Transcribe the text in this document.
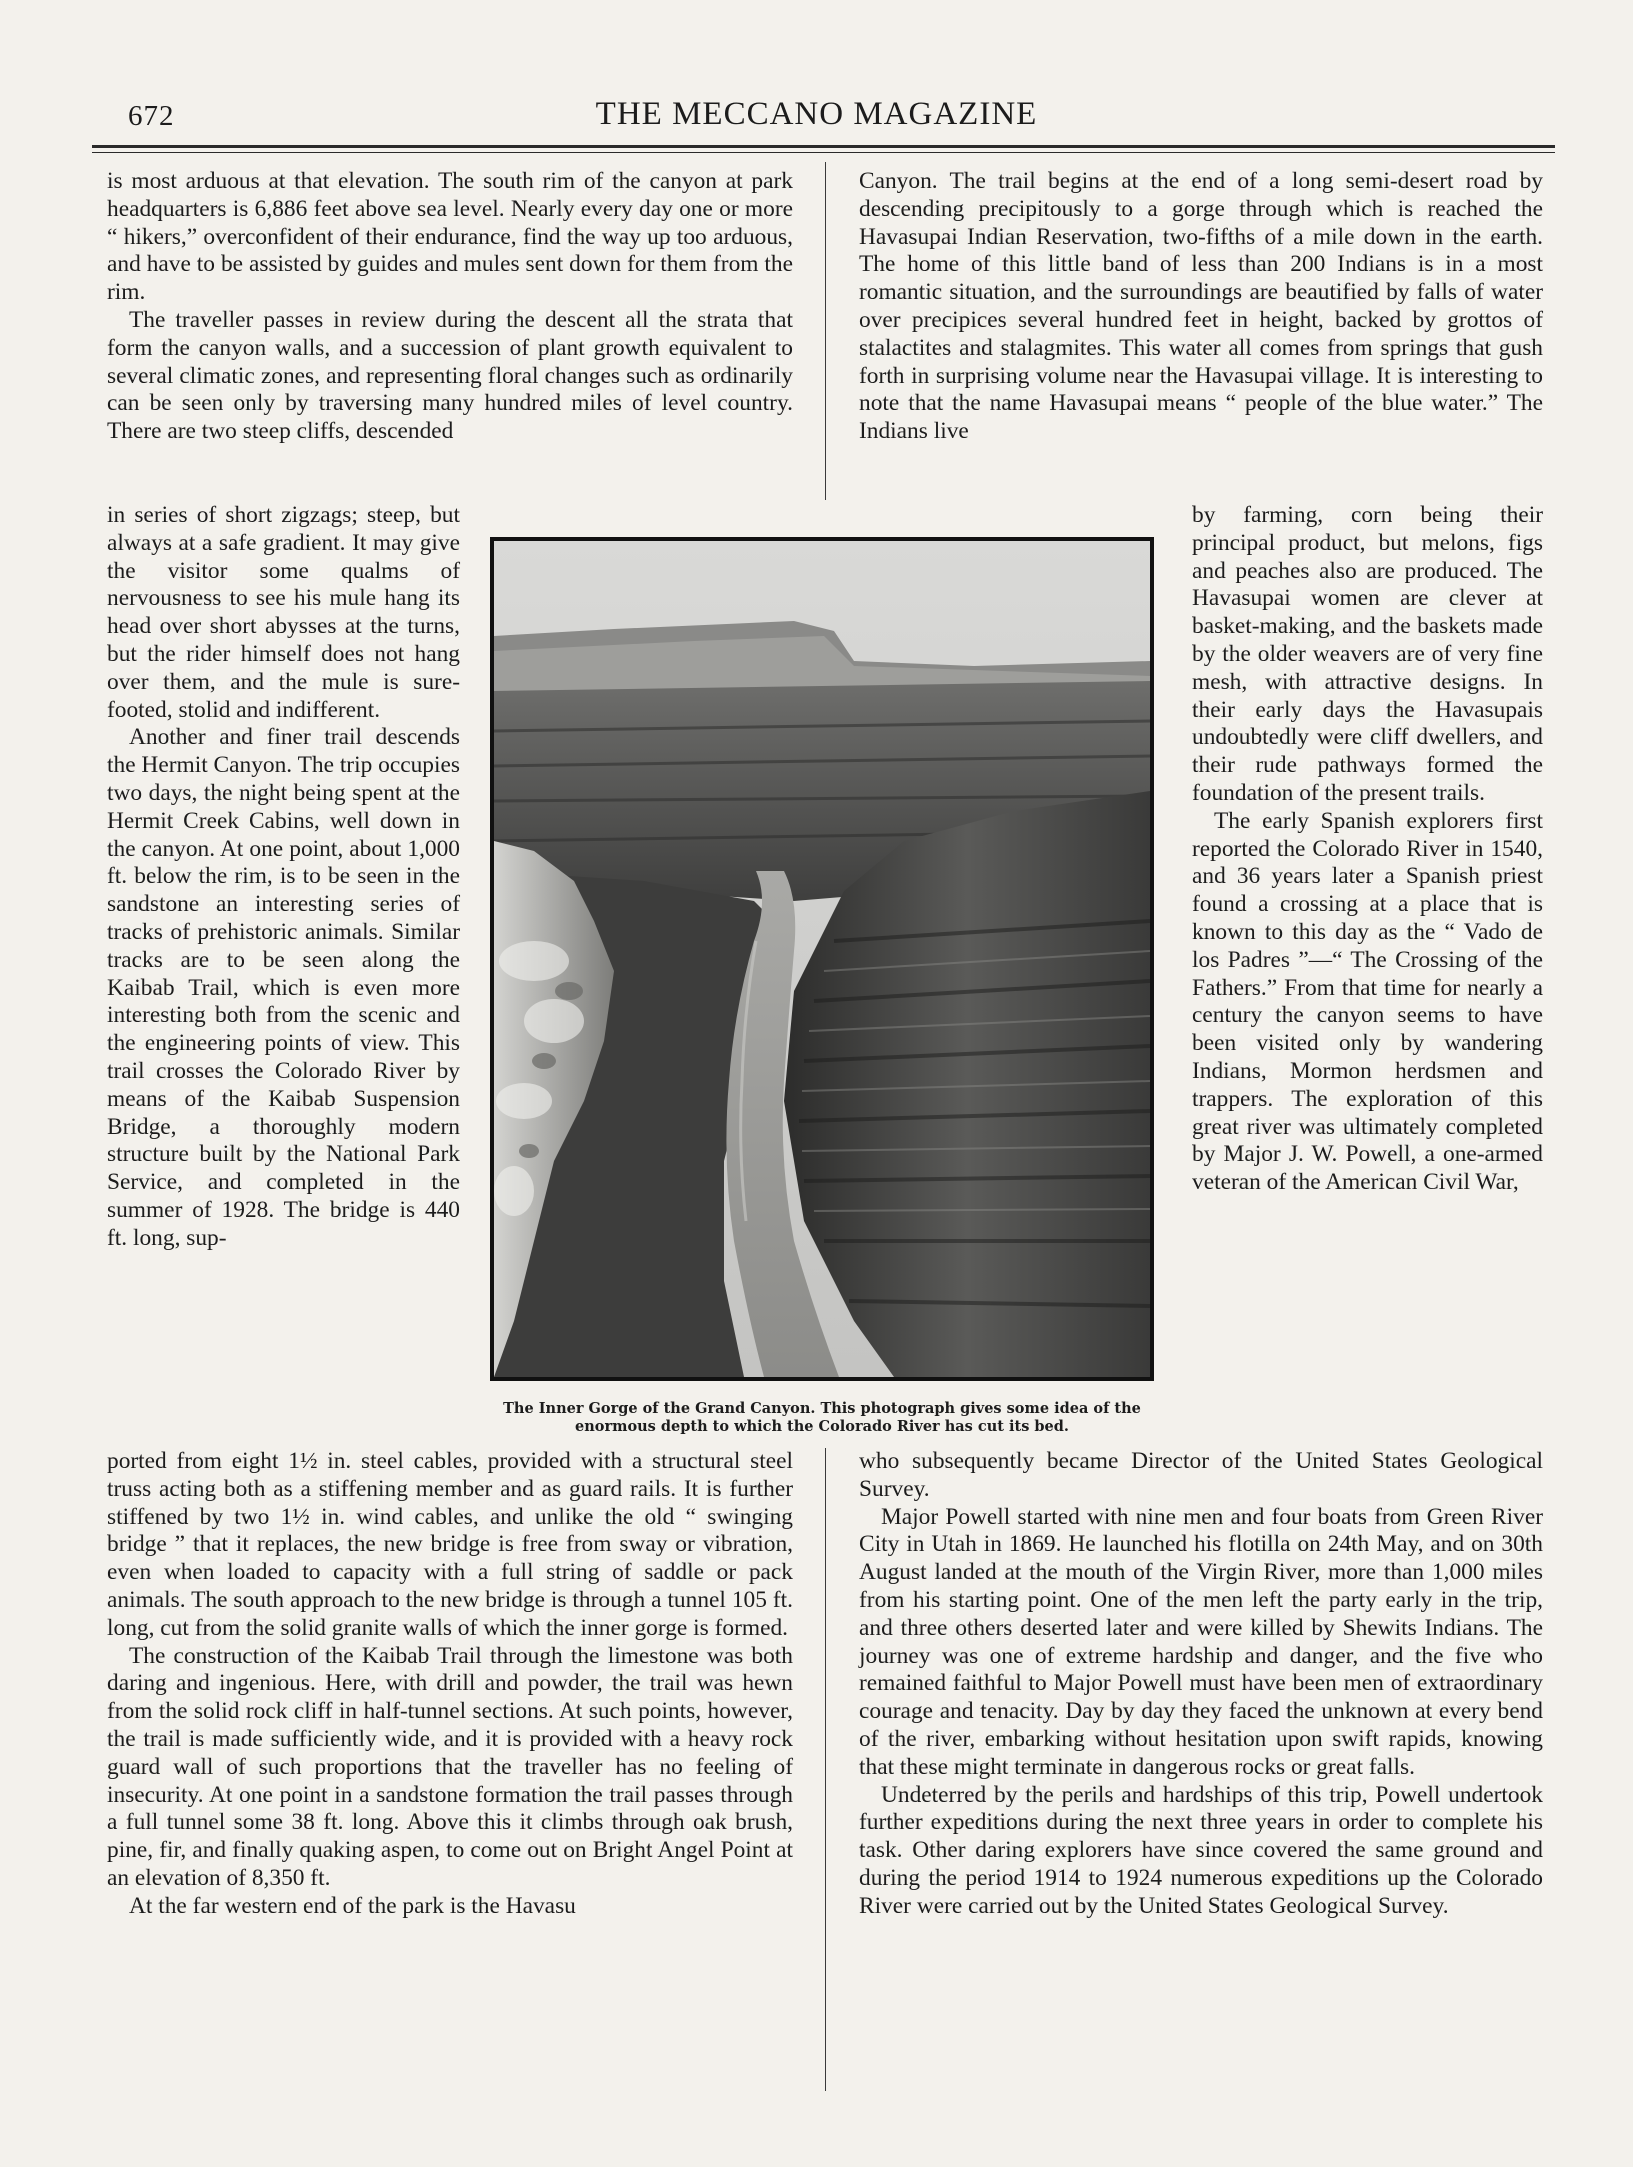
672	THE MECCANO MAGAZINE

is most arduous at that elevation. The south rim of the canyon at park headquarters is 6,886 feet above sea level. Nearly every day one or more “ hikers,” overconfident of their endurance, find the way up too arduous, and have to be assisted by guides and mules sent down for them from the rim.

The traveller passes in review during the descent all the strata that form the canyon walls, and a succession of plant growth equivalent to several climatic zones, and representing floral changes such as ordinarily can be seen only by traversing many hundred miles of level country. There are two steep cliffs, descended

in series of short zigzags; steep, but always at a safe gradient. It may give the visitor some qualms of nervousness to see his mule hang its head over short abysses at the turns, but the rider himself does not hang over them, and the mule is sure-footed, stolid and indifferent.

Another and finer trail descends the Hermit Canyon. The trip occupies two days, the night being spent at the Hermit Creek Cabins, well down in the canyon. At one point, about 1,000 ft. below the rim, is to be seen in the sandstone an interesting series of tracks of prehistoric animals. Similar tracks are to be seen along the Kaibab Trail, which is even more interesting both from the scenic and the engineering points of view. This trail crosses the Colorado River by means of the Kaibab Suspension Bridge, a thoroughly modern structure built by the National Park Service, and completed in the summer of 1928. The bridge is 440 ft. long, sup-

ported from eight 1½ in. steel cables, provided with a structural steel truss acting both as a stiffening member and as guard rails. It is further stiffened by two 1½ in. wind cables, and unlike the old “ swinging bridge ” that it replaces, the new bridge is free from sway or vibration, even when loaded to capacity with a full string of saddle or pack animals. The south approach to the new bridge is through a tunnel 105 ft. long, cut from the solid granite walls of which the inner gorge is formed.

The construction of the Kaibab Trail through the limestone was both daring and ingenious. Here, with drill and powder, the trail was hewn from the solid rock cliff in half-tunnel sections. At such points, however, the trail is made sufficiently wide, and it is provided with a heavy rock guard wall of such proportions that the traveller has no feeling of insecurity. At one point in a sandstone formation the trail passes through a full tunnel some 38 ft. long. Above this it climbs through oak brush, pine, fir, and finally quaking aspen, to come out on Bright Angel Point at an elevation of 8,350 ft.

At the far western end of the park is the Havasu

Canyon. The trail begins at the end of a long semi-desert road by descending precipitously to a gorge through which is reached the Havasupai Indian Reservation, two-fifths of a mile down in the earth. The home of this little band of less than 200 Indians is in a most romantic situation, and the surroundings are beautified by falls of water over precipices several hundred feet in height, backed by grottos of stalactites and stalagmites. This water all comes from springs that gush forth in surprising volume near the Havasupai village. It is interesting to note that the name Havasupai means “ people of the blue water.” The Indians live

by farming, corn being their principal product, but melons, figs and peaches also are produced. The Havasupai women are clever at basket-making, and the baskets made by the older weavers are of very fine mesh, with attractive designs. In their early days the Havasupais undoubtedly were cliff dwellers, and their rude pathways formed the foundation of the present trails.

The early Spanish explorers first reported the Colorado River in 1540, and 36 years later a Spanish priest found a crossing at a place that is known to this day as the “ Vado de los Padres ”—“ The Crossing of the Fathers.” From that time for nearly a century the canyon seems to have been visited only by wandering Indians, Mormon herdsmen and trappers. The exploration of this great river was ultimately completed by Major J. W. Powell, a one-armed veteran of the American Civil War,

who subsequently became Director of the United States Geological Survey.

Major Powell started with nine men and four boats from Green River City in Utah in 1869. He launched his flotilla on 24th May, and on 30th August landed at the mouth of the Virgin River, more than 1,000 miles from his starting point. One of the men left the party early in the trip, and three others deserted later and were killed by Shewits Indians. The journey was one of extreme hardship and danger, and the five who remained faithful to Major Powell must have been men of extraordinary courage and tenacity. Day by day they faced the unknown at every bend of the river, embarking without hesitation upon swift rapids, knowing that these might terminate in dangerous rocks or great falls.

Undeterred by the perils and hardships of this trip, Powell undertook further expeditions during the next three years in order to complete his task. Other daring explorers have since covered the same ground and during the period 1914 to 1924 numerous expeditions up the Colorado River were carried out by the United States Geological Survey.

The Inner Gorge of the Grand Canyon. This photograph gives some idea of the enormous depth to which the Colorado River has cut its bed.
